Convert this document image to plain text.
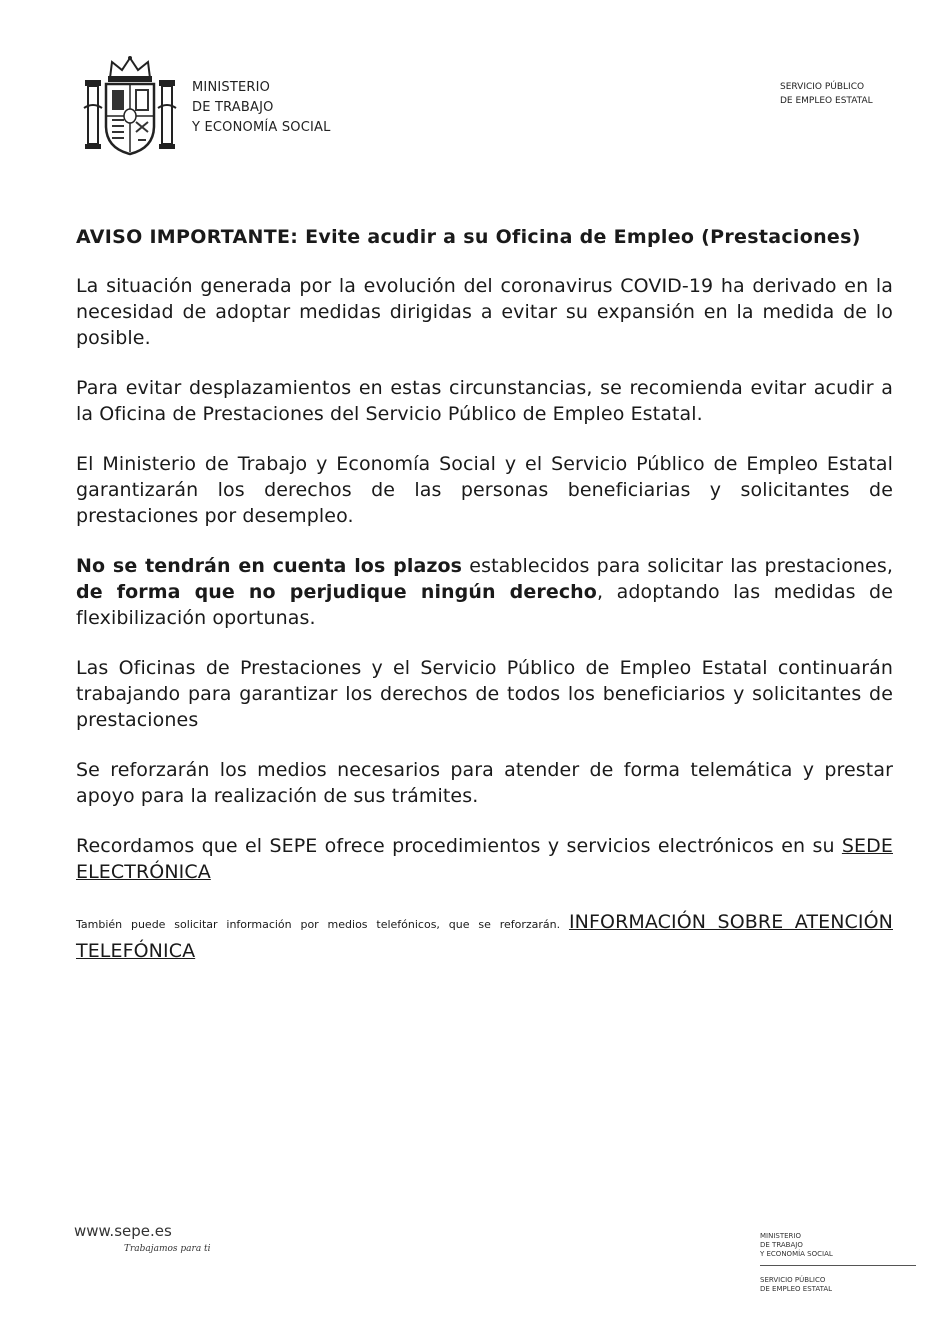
MINISTERIO
DE TRABAJO
Y ECONOMÍA SOCIAL
SERVICIO PÚBLICO
DE EMPLEO ESTATAL
AVISO IMPORTANTE: Evite acudir a su Oficina de Empleo (Prestaciones)

La situación generada por la evolución del coronavirus COVID-19 ha derivado en la necesidad de adoptar medidas dirigidas a evitar su expansión en la medida de lo posible.

Para evitar desplazamientos en estas circunstancias, se recomienda evitar acudir a la Oficina de Prestaciones del Servicio Público de Empleo Estatal.

El Ministerio de Trabajo y Economía Social y el Servicio Público de Empleo Estatal garantizarán los derechos de las personas beneficiarias y solicitantes de prestaciones por desempleo.

No se tendrán en cuenta los plazos establecidos para solicitar las prestaciones, de forma que no perjudique ningún derecho, adoptando las medidas de flexibilización oportunas.

Las Oficinas de Prestaciones y el Servicio Público de Empleo Estatal continuarán trabajando para garantizar los derechos de todos los beneficiarios y solicitantes de prestaciones

Se reforzarán los medios necesarios para atender de forma telemática y prestar apoyo para la realización de sus trámites.

Recordamos que el SEPE ofrece procedimientos y servicios electrónicos en su SEDE ELECTRÓNICA

También puede solicitar información por medios telefónicos, que se reforzarán. INFORMACIÓN SOBRE ATENCIÓN TELEFÓNICA

www.sepe.es
Trabajamos para ti
MINISTERIO
DE TRABAJO
Y ECONOMÍA SOCIAL
SERVICIO PÚBLICO
DE EMPLEO ESTATAL
